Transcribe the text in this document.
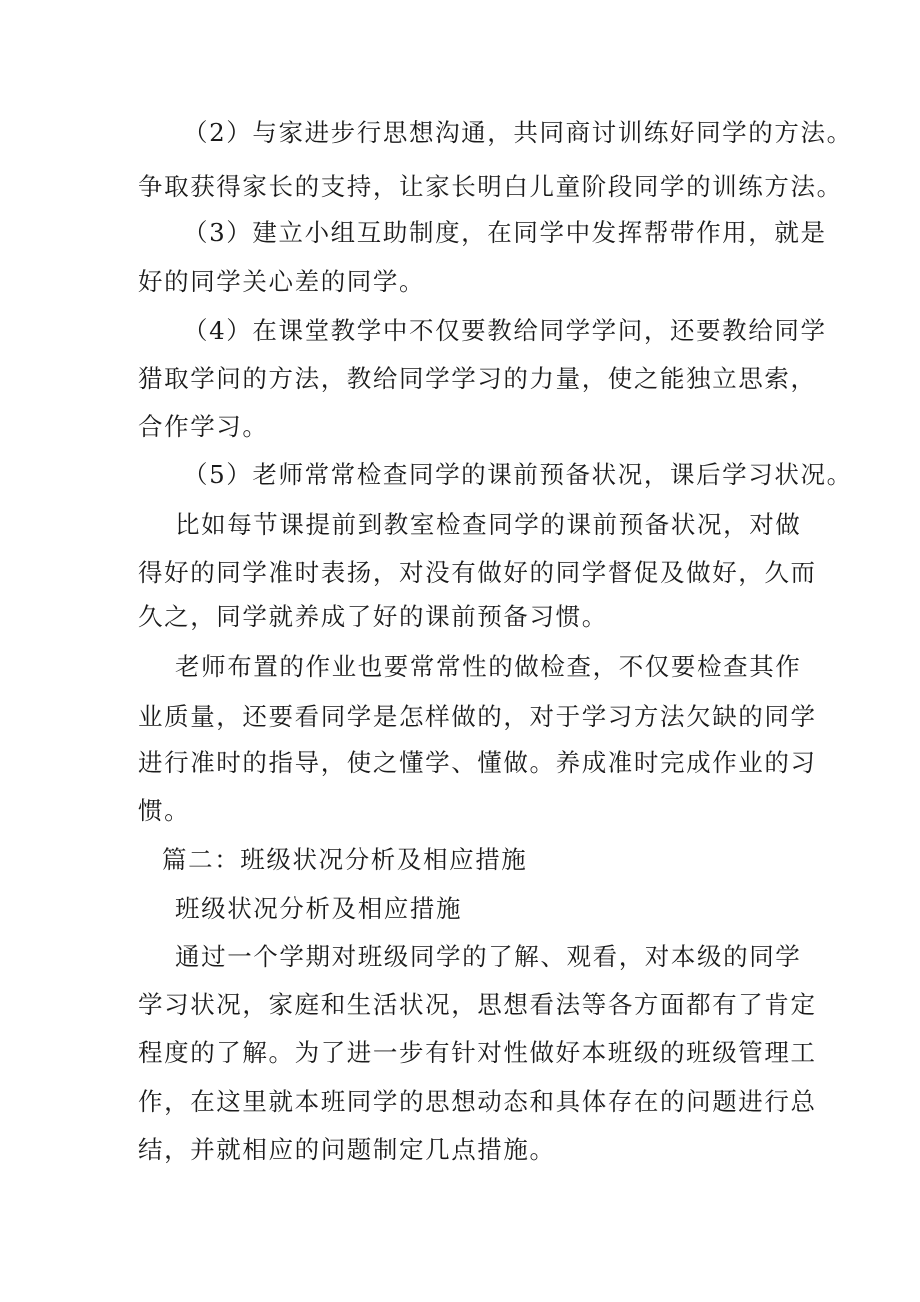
（2）与家进步行思想沟通，共同商讨训练好同学的方法。
争取获得家长的支持，让家长明白儿童阶段同学的训练方法。
（3）建立小组互助制度，在同学中发挥帮带作用，就是
好的同学关心差的同学。
（4）在课堂教学中不仅要教给同学学问，还要教给同学
猎取学问的方法，教给同学学习的力量，使之能独立思索，
合作学习。
（5）老师常常检查同学的课前预备状况，课后学习状况。
比如每节课提前到教室检查同学的课前预备状况，对做
得好的同学准时表扬，对没有做好的同学督促及做好，久而
久之，同学就养成了好的课前预备习惯。
老师布置的作业也要常常性的做检查，不仅要检查其作
业质量，还要看同学是怎样做的，对于学习方法欠缺的同学
进行准时的指导，使之懂学、懂做。养成准时完成作业的习
惯。
篇二：班级状况分析及相应措施
班级状况分析及相应措施
通过一个学期对班级同学的了解、观看，对本级的同学
学习状况，家庭和生活状况，思想看法等各方面都有了肯定
程度的了解。为了进一步有针对性做好本班级的班级管理工
作，在这里就本班同学的思想动态和具体存在的问题进行总
结，并就相应的问题制定几点措施。
